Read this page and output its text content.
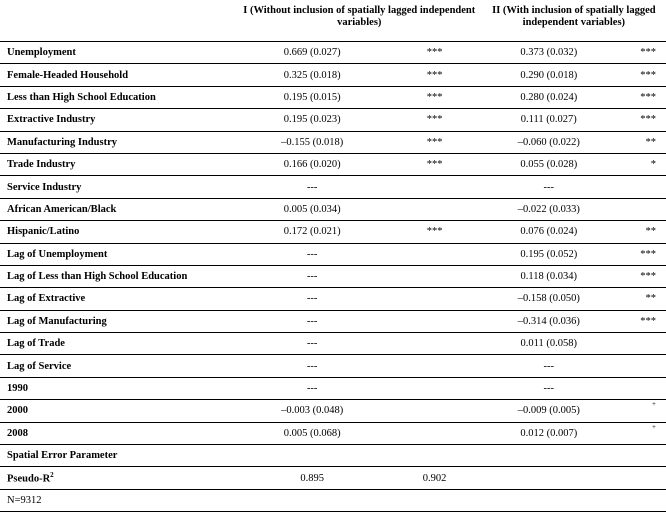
	I (Without inclusion of spatially lagged independent variables)		II (With inclusion of spatially lagged independent variables)	
Unemployment	0.669 (0.027)	***	0.373 (0.032)	***
Female-Headed Household	0.325 (0.018)	***	0.290 (0.018)	***
Less than High School Education	0.195 (0.015)	***	0.280 (0.024)	***
Extractive Industry	0.195 (0.023)	***	0.111 (0.027)	***
Manufacturing Industry	–0.155 (0.018)	***	–0.060 (0.022)	**
Trade Industry	0.166 (0.020)	***	0.055 (0.028)	*
Service Industry	---		---	
African American/Black	0.005 (0.034)		–0.022 (0.033)	
Hispanic/Latino	0.172 (0.021)	***	0.076 (0.024)	**
Lag of Unemployment	---		0.195 (0.052)	***
Lag of Less than High School Education	---		0.118 (0.034)	***
Lag of Extractive	---		–0.158 (0.050)	**
Lag of Manufacturing	---		–0.314 (0.036)	***
Lag of Trade	---		0.011 (0.058)	
Lag of Service	---		---	
1990	---		---	
2000	–0.003 (0.048)		–0.009 (0.005)	+
2008	0.005 (0.068)		0.012 (0.007)	+
Spatial Error Parameter				
Pseudo-$R^2$	0.895	0.902		
N=9312				
